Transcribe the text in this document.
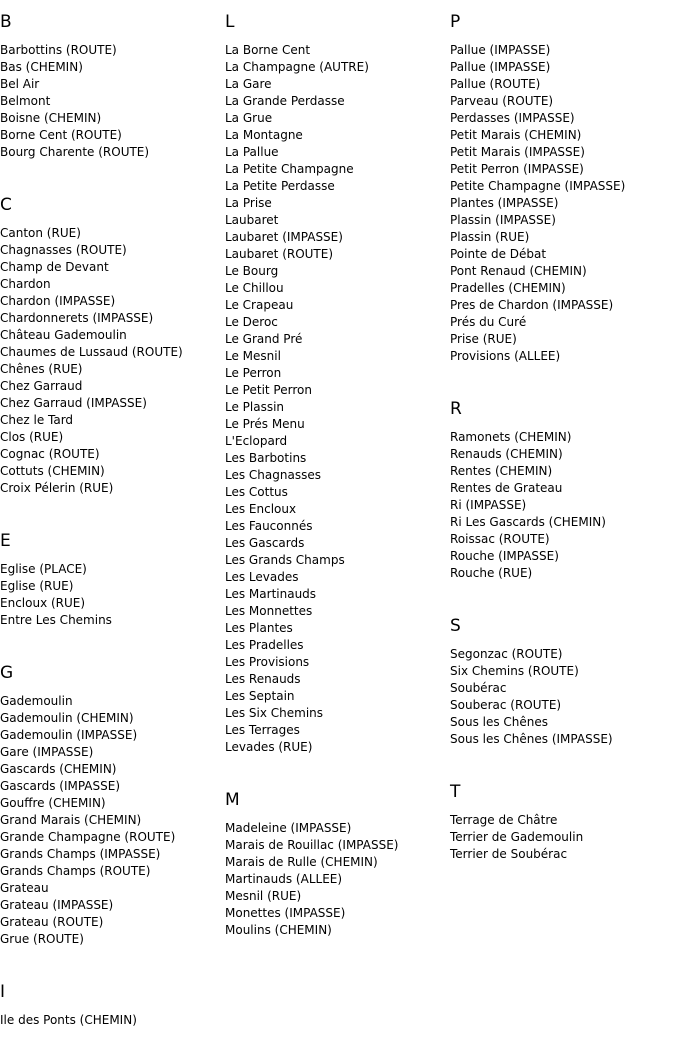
B
Barbottins (ROUTE)
Bas (CHEMIN)
Bel Air
Belmont
Boisne (CHEMIN)
Borne Cent (ROUTE)
Bourg Charente (ROUTE)
C
Canton (RUE)
Chagnasses (ROUTE)
Champ de Devant
Chardon
Chardon (IMPASSE)
Chardonnerets (IMPASSE)
Château Gademoulin
Chaumes de Lussaud (ROUTE)
Chênes (RUE)
Chez Garraud
Chez Garraud (IMPASSE)
Chez le Tard
Clos (RUE)
Cognac (ROUTE)
Cottuts (CHEMIN)
Croix Pélerin (RUE)
E
Eglise (PLACE)
Eglise (RUE)
Encloux (RUE)
Entre Les Chemins
G
Gademoulin
Gademoulin (CHEMIN)
Gademoulin (IMPASSE)
Gare (IMPASSE)
Gascards (CHEMIN)
Gascards (IMPASSE)
Gouffre (CHEMIN)
Grand Marais (CHEMIN)
Grande Champagne (ROUTE)
Grands Champs (IMPASSE)
Grands Champs (ROUTE)
Grateau
Grateau (IMPASSE)
Grateau (ROUTE)
Grue (ROUTE)
I
Ile des Ponts (CHEMIN)
L
La Borne Cent
La Champagne (AUTRE)
La Gare
La Grande Perdasse
La Grue
La Montagne
La Pallue
La Petite Champagne
La Petite Perdasse
La Prise
Laubaret
Laubaret (IMPASSE)
Laubaret (ROUTE)
Le Bourg
Le Chillou
Le Crapeau
Le Deroc
Le Grand Pré
Le Mesnil
Le Perron
Le Petit Perron
Le Plassin
Le Prés Menu
L'Eclopard
Les Barbotins
Les Chagnasses
Les Cottus
Les Encloux
Les Fauconnés
Les Gascards
Les Grands Champs
Les Levades
Les Martinauds
Les Monnettes
Les Plantes
Les Pradelles
Les Provisions
Les Renauds
Les Septain
Les Six Chemins
Les Terrages
Levades (RUE)
M
Madeleine (IMPASSE)
Marais de Rouillac (IMPASSE)
Marais de Rulle (CHEMIN)
Martinauds (ALLEE)
Mesnil (RUE)
Monettes (IMPASSE)
Moulins (CHEMIN)
P
Pallue (IMPASSE)
Pallue (IMPASSE)
Pallue (ROUTE)
Parveau (ROUTE)
Perdasses (IMPASSE)
Petit Marais (CHEMIN)
Petit Marais (IMPASSE)
Petit Perron (IMPASSE)
Petite Champagne (IMPASSE)
Plantes (IMPASSE)
Plassin (IMPASSE)
Plassin (RUE)
Pointe de Débat
Pont Renaud (CHEMIN)
Pradelles (CHEMIN)
Pres de Chardon (IMPASSE)
Prés du Curé
Prise (RUE)
Provisions (ALLEE)
R
Ramonets (CHEMIN)
Renauds (CHEMIN)
Rentes (CHEMIN)
Rentes de Grateau
Ri (IMPASSE)
Ri Les Gascards (CHEMIN)
Roissac (ROUTE)
Rouche (IMPASSE)
Rouche (RUE)
S
Segonzac (ROUTE)
Six Chemins (ROUTE)
Soubérac
Souberac (ROUTE)
Sous les Chênes
Sous les Chênes (IMPASSE)
T
Terrage de Châtre
Terrier de Gademoulin
Terrier de Soubérac
